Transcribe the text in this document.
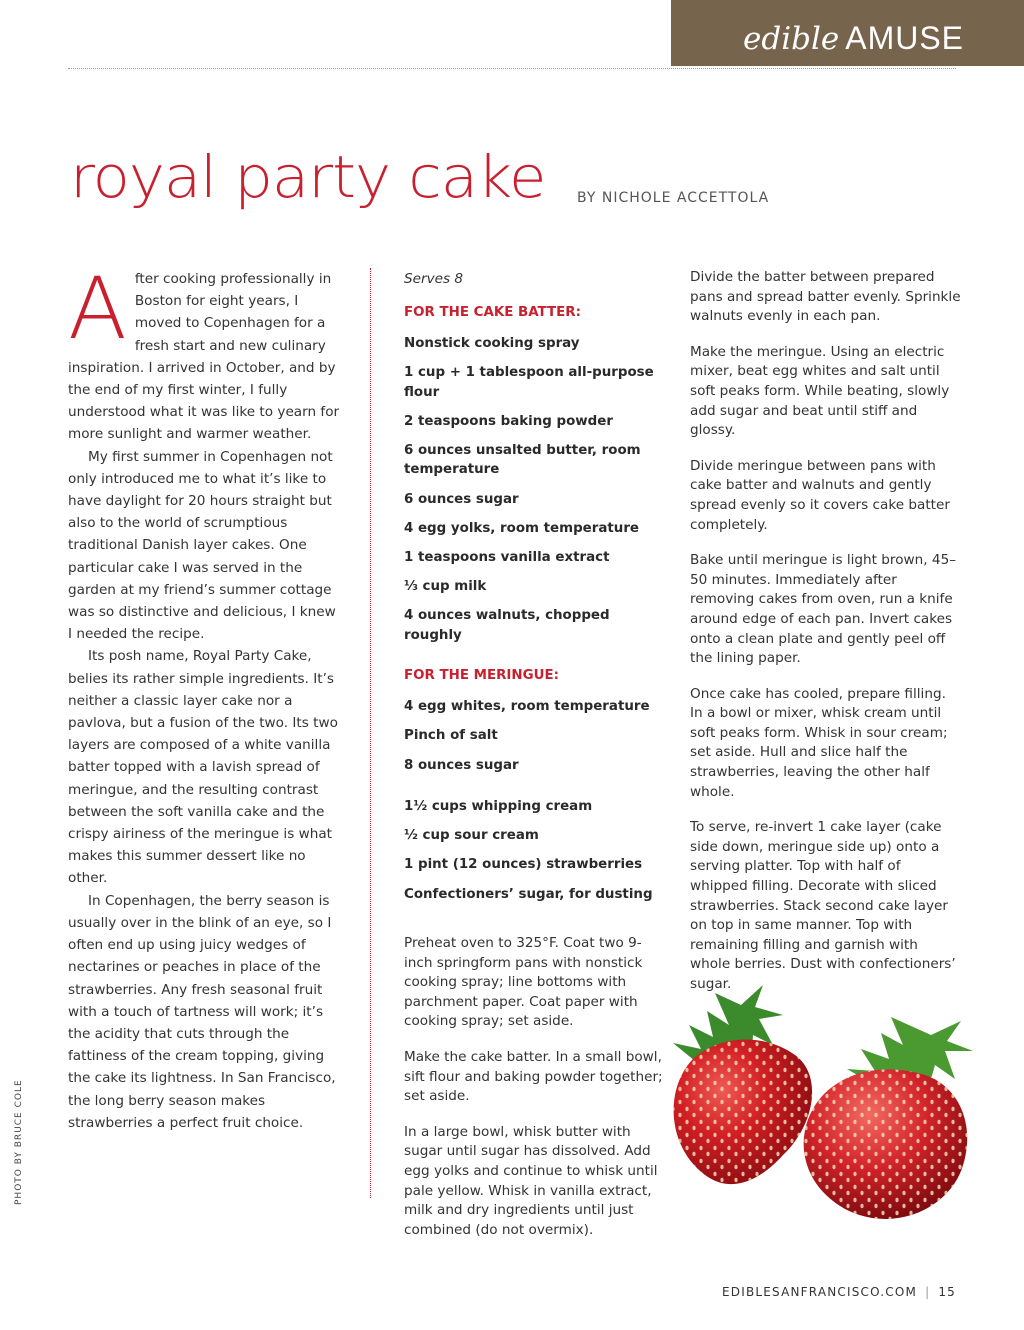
edible AMUSE
royal party cake BY NICHOLE ACCETTOLA

After cooking professionally in Boston for eight years, I moved to Copenhagen for a fresh start and new culinary inspiration. I arrived in October, and by the end of my first winter, I fully understood what it was like to yearn for more sunlight and warmer weather.

My first summer in Copenhagen not only introduced me to what it’s like to have daylight for 20 hours straight but also to the world of scrumptious traditional Danish layer cakes. One particular cake I was served in the garden at my friend’s summer cottage was so distinctive and delicious, I knew I needed the recipe.

Its posh name, Royal Party Cake, belies its rather simple ingredients. It’s neither a classic layer cake nor a pavlova, but a fusion of the two. Its two layers are composed of a white vanilla batter topped with a lavish spread of meringue, and the resulting contrast between the soft vanilla cake and the crispy airiness of the meringue is what makes this summer dessert like no other.

In Copenhagen, the berry season is usually over in the blink of an eye, so I often end up using juicy wedges of nectarines or peaches in place of the strawberries. Any fresh seasonal fruit with a touch of tartness will work; it’s the acidity that cuts through the fattiness of the cream topping, giving the cake its lightness. In San Francisco, the long berry season makes strawberries a perfect fruit choice.

Serves 8
FOR THE CAKE BATTER:
Nonstick cooking spray
1 cup + 1 tablespoon all-purpose flour
2 teaspoons baking powder
6 ounces unsalted butter, room temperature
6 ounces sugar
4 egg yolks, room temperature
1 teaspoons vanilla extract
⅓ cup milk
4 ounces walnuts, chopped roughly
FOR THE MERINGUE:
4 egg whites, room temperature
Pinch of salt
8 ounces sugar
1½ cups whipping cream
½ cup sour cream
1 pint (12 ounces) strawberries
Confectioners’ sugar, for dusting

Preheat oven to 325°F. Coat two 9-inch springform pans with nonstick cooking spray; line bottoms with parchment paper. Coat paper with cooking spray; set aside.

Make the cake batter. In a small bowl, sift flour and baking powder together; set aside.

In a large bowl, whisk butter with sugar until sugar has dissolved. Add egg yolks and continue to whisk until pale yellow. Whisk in vanilla extract, milk and dry ingredients until just combined (do not overmix).

Divide the batter between prepared pans and spread batter evenly. Sprinkle walnuts evenly in each pan.

Make the meringue. Using an electric mixer, beat egg whites and salt until soft peaks form. While beating, slowly add sugar and beat until stiff and glossy.

Divide meringue between pans with cake batter and walnuts and gently spread evenly so it covers cake batter completely.

Bake until meringue is light brown, 45–50 minutes. Immediately after removing cakes from oven, run a knife around edge of each pan. Invert cakes onto a clean plate and gently peel off the lining paper.

Once cake has cooled, prepare filling. In a bowl or mixer, whisk cream until soft peaks form. Whisk in sour cream; set aside. Hull and slice half the strawberries, leaving the other half whole.

To serve, re-invert 1 cake layer (cake side down, meringue side up) onto a serving platter. Top with half of whipped filling. Decorate with sliced strawberries. Stack second cake layer on top in same manner. Top with remaining filling and garnish with whole berries. Dust with confectioners’ sugar.

PHOTO BY BRUCE COLE
EDIBLESANFRANCISCO.COM | 15
